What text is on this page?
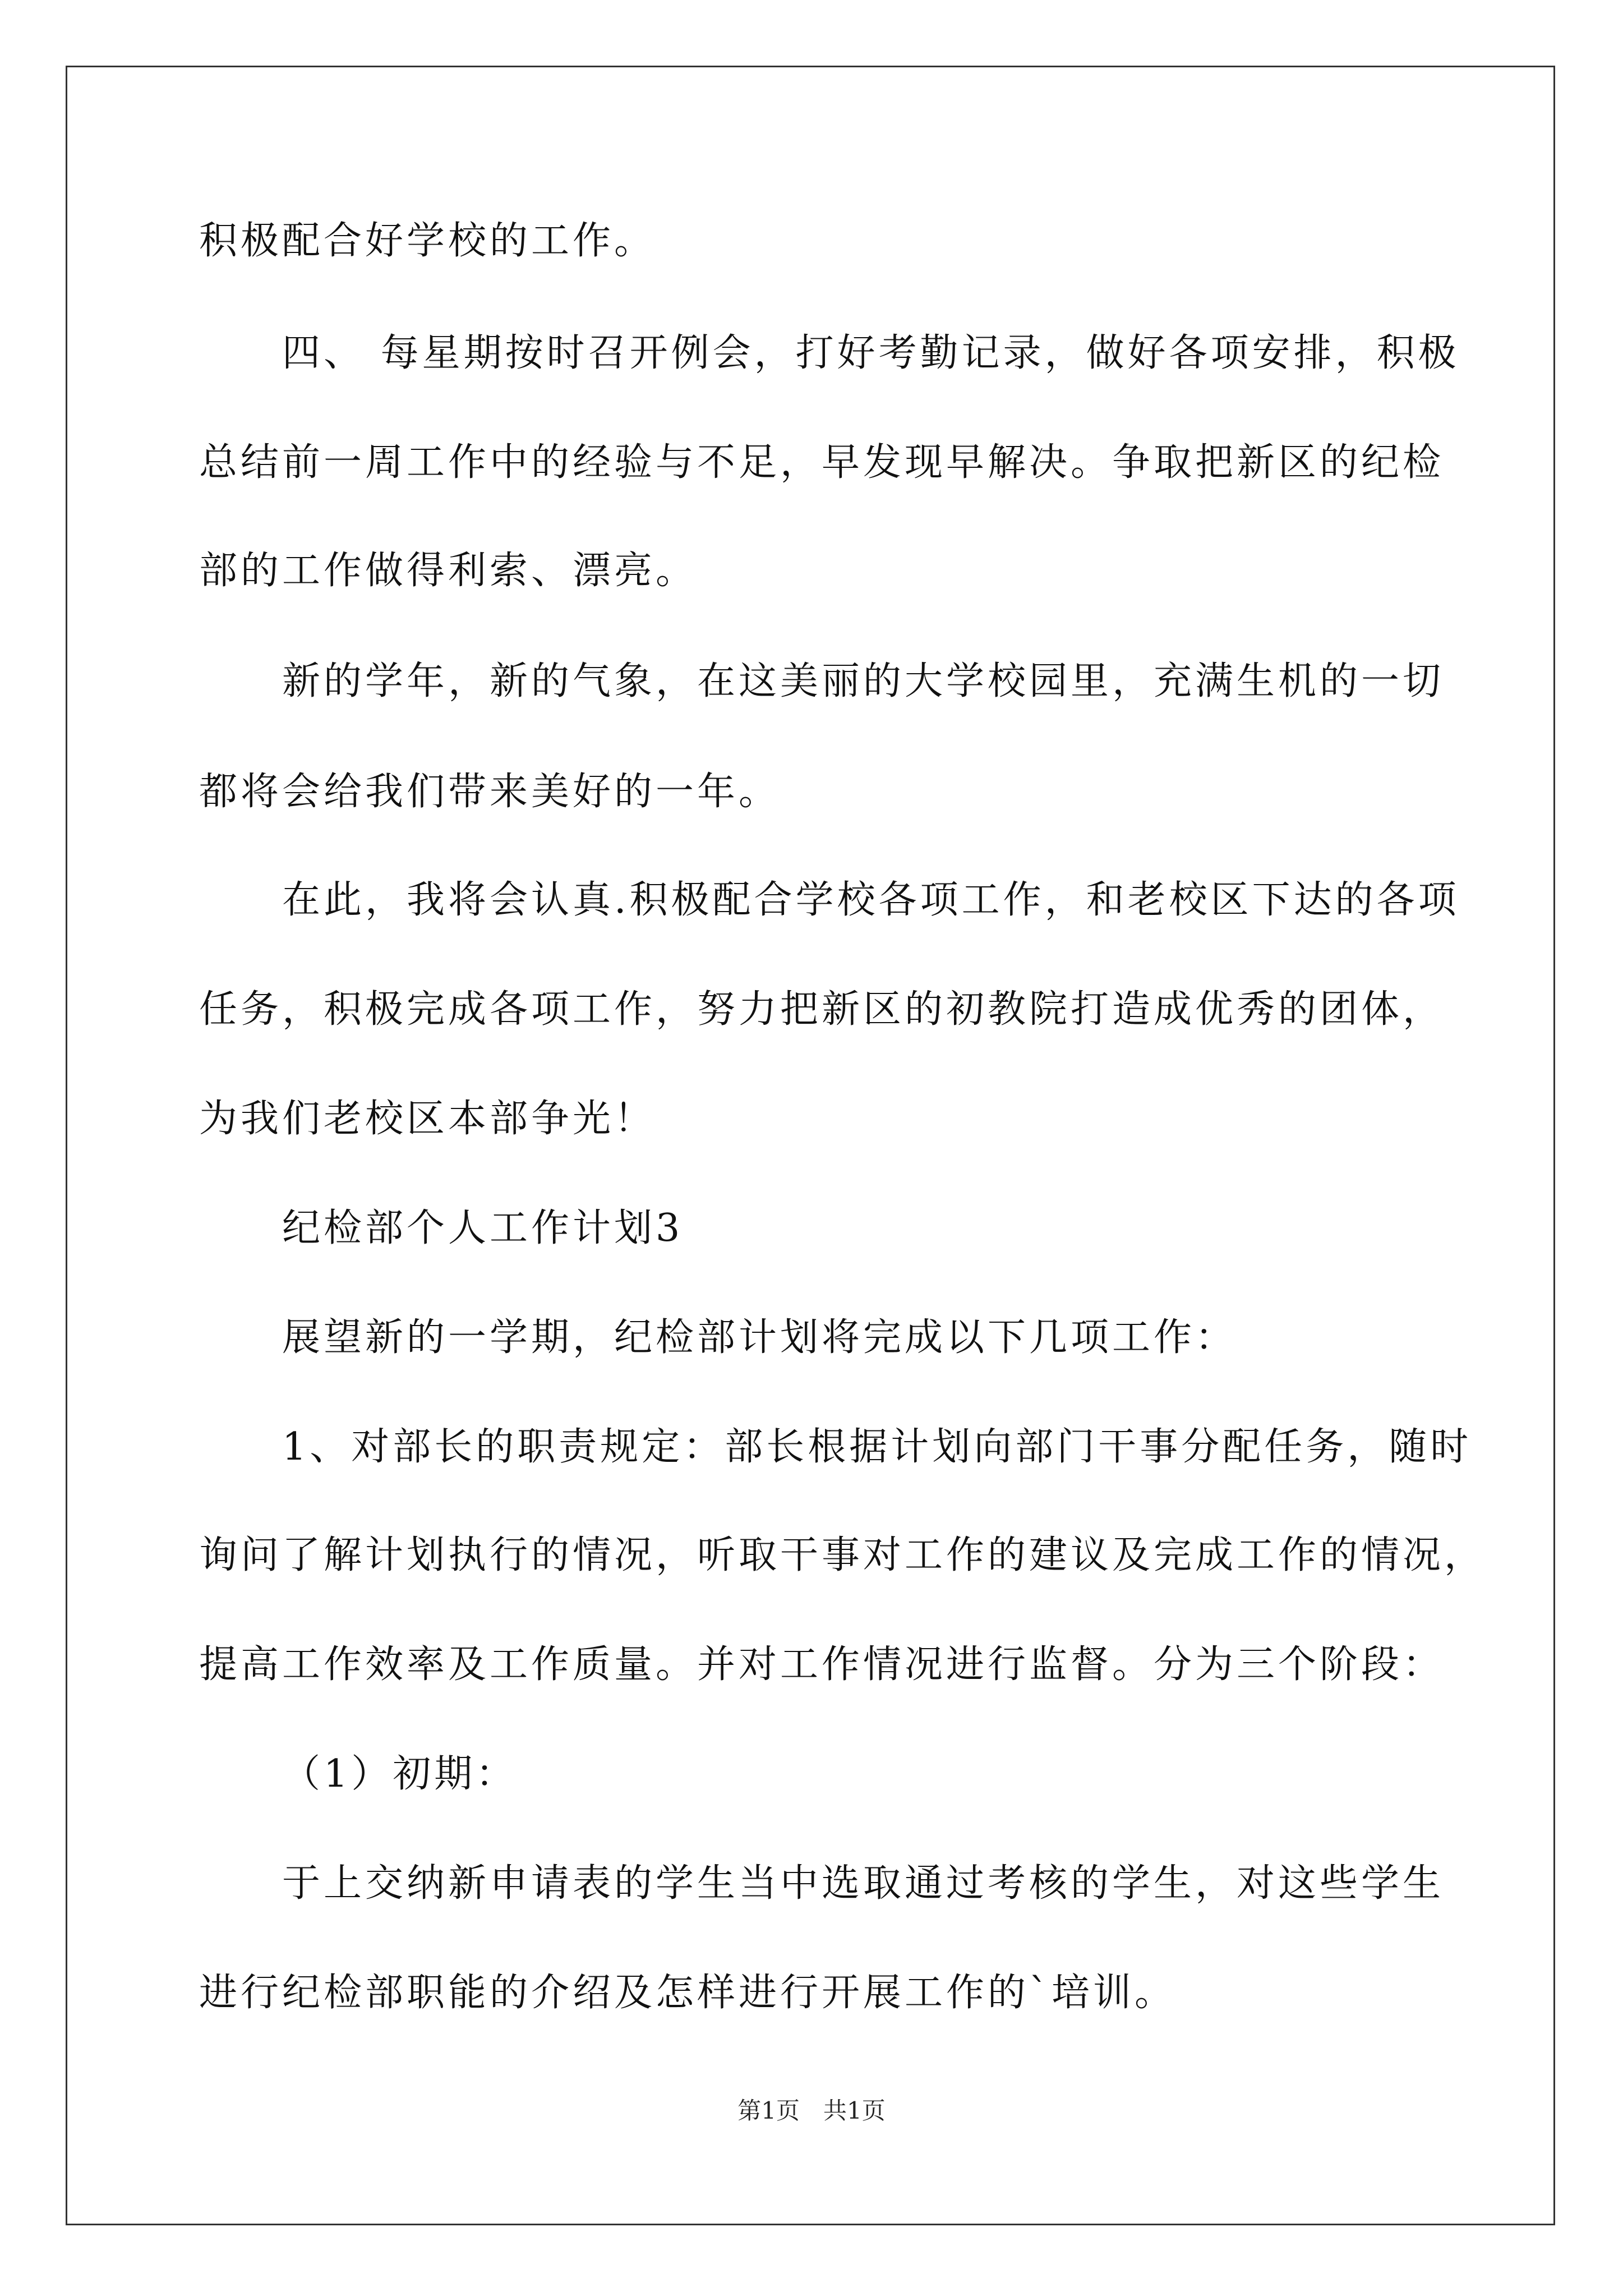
积极配合好学校的工作。
四、 每星期按时召开例会，打好考勤记录，做好各项安排，积极
总结前一周工作中的经验与不足，早发现早解决。争取把新区的纪检
部的工作做得利索、漂亮。
新的学年，新的气象，在这美丽的大学校园里，充满生机的一切
都将会给我们带来美好的一年。
在此，我将会认真.积极配合学校各项工作，和老校区下达的各项
任务，积极完成各项工作，努力把新区的初教院打造成优秀的团体，
为我们老校区本部争光！
纪检部个人工作计划3
展望新的一学期，纪检部计划将完成以下几项工作：
1、对部长的职责规定：部长根据计划向部门干事分配任务，随时
询问了解计划执行的情况，听取干事对工作的建议及完成工作的情况，
提高工作效率及工作质量。并对工作情况进行监督。分为三个阶段：
（1）初期：
于上交纳新申请表的学生当中选取通过考核的学生，对这些学生
进行纪检部职能的介绍及怎样进行开展工作的`培训。
第1页　共1页
